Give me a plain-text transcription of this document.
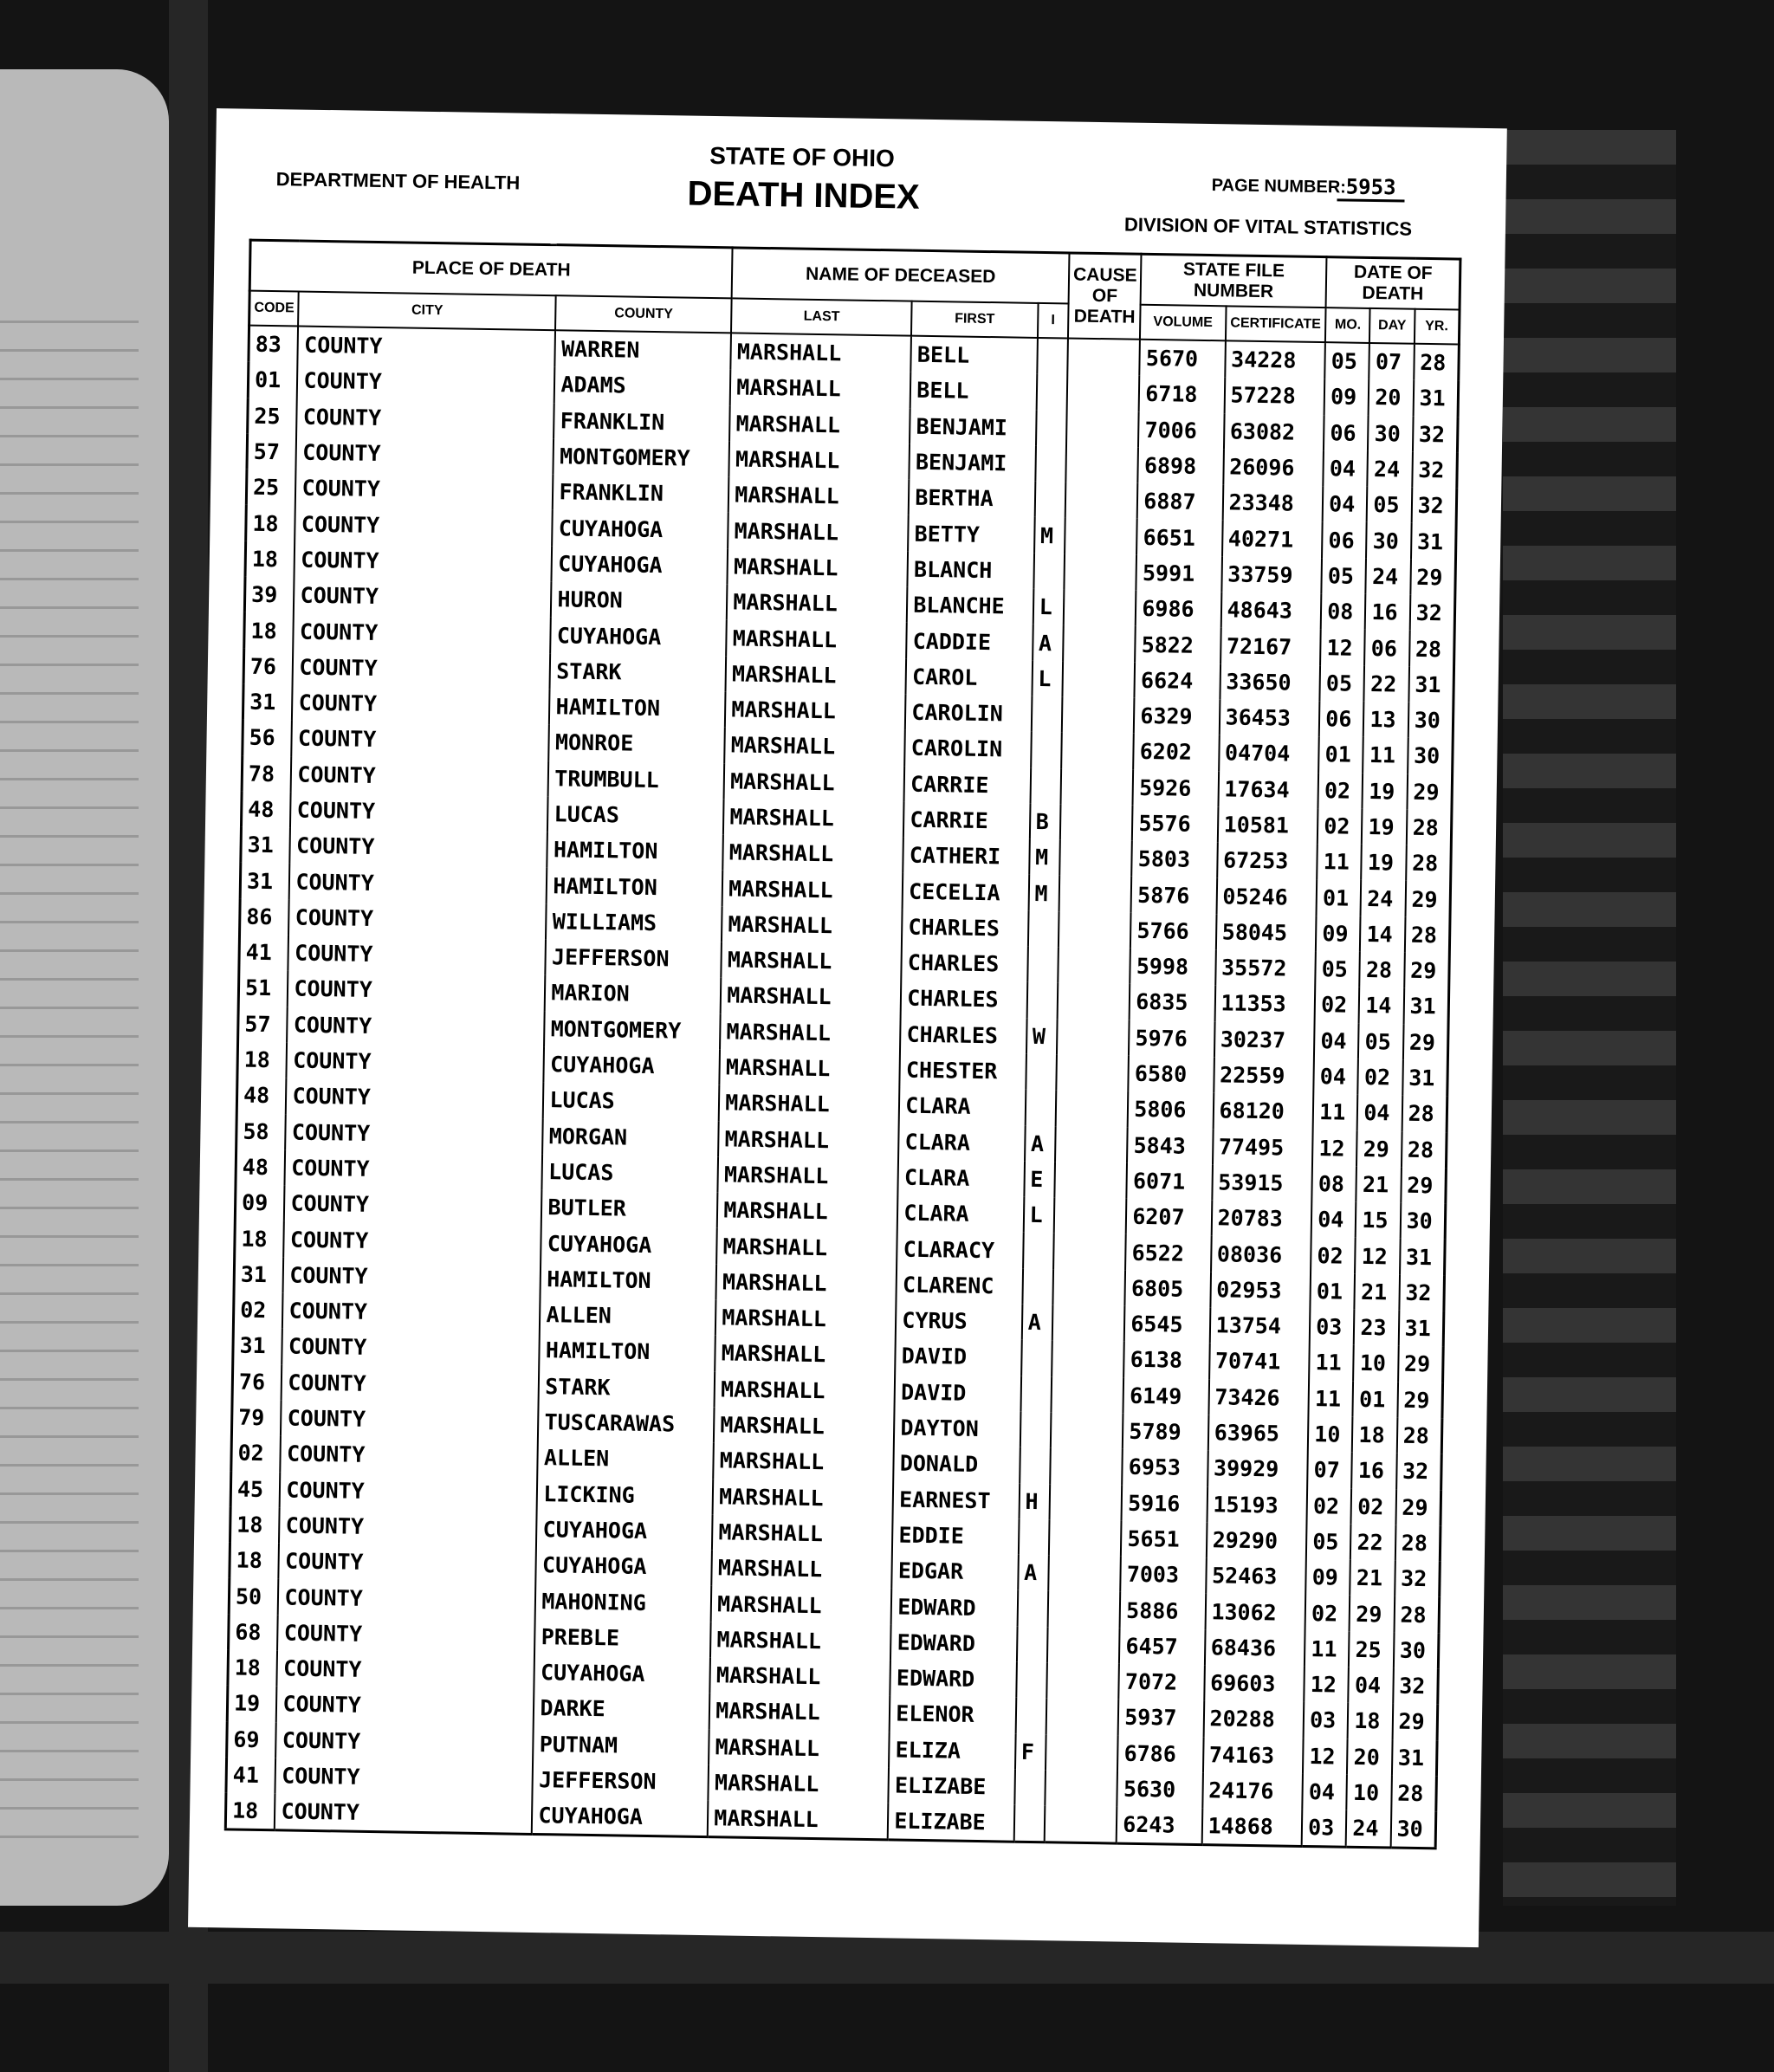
DEPARTMENT OF HEALTH
STATE OF OHIO
DEATH INDEX	PAGE NUMBER: 5953
DIVISION OF VITAL STATISTICS
PLACE OF DEATH			NAME OF DECEASED			CAUSE OF DEATH	STATE FILE NUMBER		DATE OF DEATH		
CODE	CITY	COUNTY	LAST	FIRST	I		VOLUME	CERTIFICATE	MO.	DAY	YR.
83	COUNTY	WARREN	MARSHALL	BELL			5670	34228	05	07	28
01	COUNTY	ADAMS	MARSHALL	BELL			6718	57228	09	20	31
25	COUNTY	FRANKLIN	MARSHALL	BENJAMI			7006	63082	06	30	32
57	COUNTY	MONTGOMERY	MARSHALL	BENJAMI			6898	26096	04	24	32
25	COUNTY	FRANKLIN	MARSHALL	BERTHA			6887	23348	04	05	32
18	COUNTY	CUYAHOGA	MARSHALL	BETTY	M		6651	40271	06	30	31
18	COUNTY	CUYAHOGA	MARSHALL	BLANCH			5991	33759	05	24	29
39	COUNTY	HURON	MARSHALL	BLANCHE	L		6986	48643	08	16	32
18	COUNTY	CUYAHOGA	MARSHALL	CADDIE	A		5822	72167	12	06	28
76	COUNTY	STARK	MARSHALL	CAROL	L		6624	33650	05	22	31
31	COUNTY	HAMILTON	MARSHALL	CAROLIN			6329	36453	06	13	30
56	COUNTY	MONROE	MARSHALL	CAROLIN			6202	04704	01	11	30
78	COUNTY	TRUMBULL	MARSHALL	CARRIE			5926	17634	02	19	29
48	COUNTY	LUCAS	MARSHALL	CARRIE	B		5576	10581	02	19	28
31	COUNTY	HAMILTON	MARSHALL	CATHERI	M		5803	67253	11	19	28
31	COUNTY	HAMILTON	MARSHALL	CECELIA	M		5876	05246	01	24	29
86	COUNTY	WILLIAMS	MARSHALL	CHARLES			5766	58045	09	14	28
41	COUNTY	JEFFERSON	MARSHALL	CHARLES			5998	35572	05	28	29
51	COUNTY	MARION	MARSHALL	CHARLES			6835	11353	02	14	31
57	COUNTY	MONTGOMERY	MARSHALL	CHARLES	W		5976	30237	04	05	29
18	COUNTY	CUYAHOGA	MARSHALL	CHESTER			6580	22559	04	02	31
48	COUNTY	LUCAS	MARSHALL	CLARA			5806	68120	11	04	28
58	COUNTY	MORGAN	MARSHALL	CLARA	A		5843	77495	12	29	28
48	COUNTY	LUCAS	MARSHALL	CLARA	E		6071	53915	08	21	29
09	COUNTY	BUTLER	MARSHALL	CLARA	L		6207	20783	04	15	30
18	COUNTY	CUYAHOGA	MARSHALL	CLARACY			6522	08036	02	12	31
31	COUNTY	HAMILTON	MARSHALL	CLARENC			6805	02953	01	21	32
02	COUNTY	ALLEN	MARSHALL	CYRUS	A		6545	13754	03	23	31
31	COUNTY	HAMILTON	MARSHALL	DAVID			6138	70741	11	10	29
76	COUNTY	STARK	MARSHALL	DAVID			6149	73426	11	01	29
79	COUNTY	TUSCARAWAS	MARSHALL	DAYTON			5789	63965	10	18	28
02	COUNTY	ALLEN	MARSHALL	DONALD			6953	39929	07	16	32
45	COUNTY	LICKING	MARSHALL	EARNEST	H		5916	15193	02	02	29
18	COUNTY	CUYAHOGA	MARSHALL	EDDIE			5651	29290	05	22	28
18	COUNTY	CUYAHOGA	MARSHALL	EDGAR	A		7003	52463	09	21	32
50	COUNTY	MAHONING	MARSHALL	EDWARD			5886	13062	02	29	28
68	COUNTY	PREBLE	MARSHALL	EDWARD			6457	68436	11	25	30
18	COUNTY	CUYAHOGA	MARSHALL	EDWARD			7072	69603	12	04	32
19	COUNTY	DARKE	MARSHALL	ELENOR			5937	20288	03	18	29
69	COUNTY	PUTNAM	MARSHALL	ELIZA	F		6786	74163	12	20	31
41	COUNTY	JEFFERSON	MARSHALL	ELIZABE			5630	24176	04	10	28
18	COUNTY	CUYAHOGA	MARSHALL	ELIZABE			6243	14868	03	24	30
